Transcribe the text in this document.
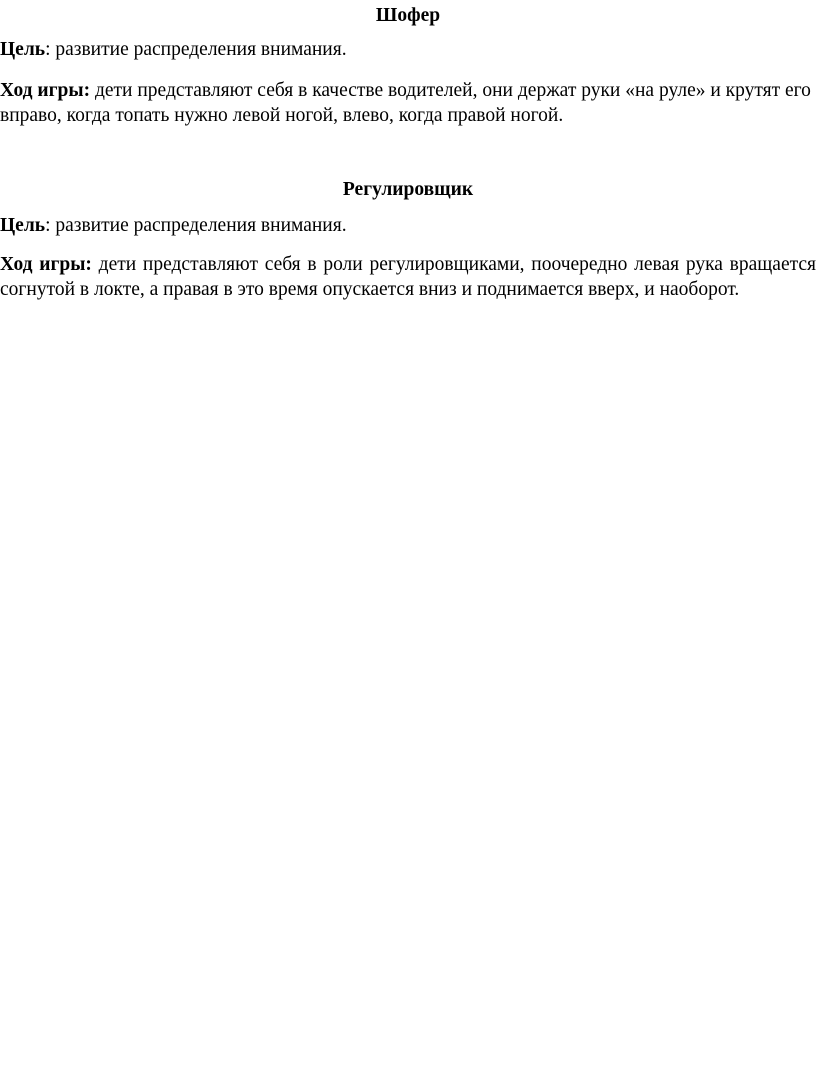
Шофер

Цель: развитие распределения внимания.

Ход игры: дети представляют себя в качестве водителей, они держат руки «на руле» и крутят его вправо, когда топать нужно левой ногой, влево, когда правой ногой.

Регулировщик

Цель: развитие распределения внимания.

Ход игры: дети представляют себя в роли регулировщиками, поочередно левая рука вращается согнутой в локте, а правая в это время опускается вниз и поднимается вверх, и наоборот.
